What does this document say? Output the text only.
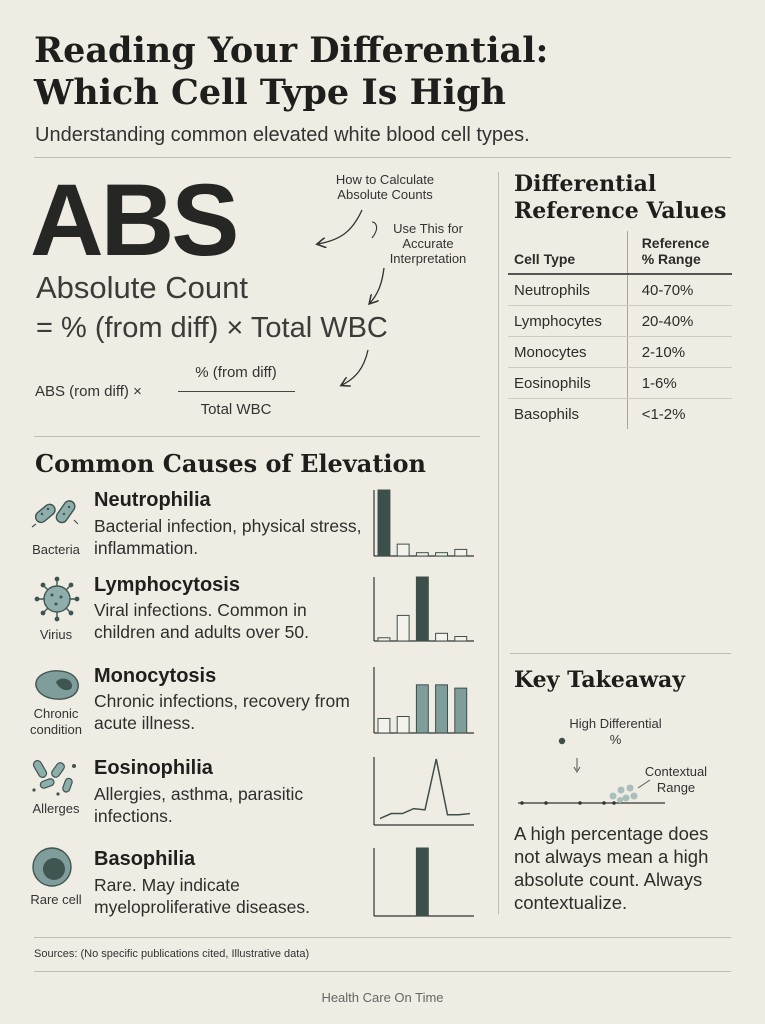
Reading Your Differential:
Which Cell Type Is High
Understanding common elevated white blood cell types.
ABS
Absolute Count
= % (from diff) × Total WBC
How to Calculate Absolute Counts
Use This for Accurate Interpretation
ABS (rom diff) ×
% (from diff)
Total WBC
Differential
Reference Values
Cell Type	Reference
% Range
Neutrophils	40-70%
Lymphocytes	20-40%
Monocytes	2-10%
Eosinophils	1-6%
Basophils	<1-2%
Common Causes of Elevation
Bacteria
Neutrophilia
Bacterial infection, physical stress, inflammation.
Virius
Lymphocytosis
Viral infections. Common in children and adults over 50.
Chronic condition
Monocytosis
Chronic infections, recovery from acute illness.
Allerges
Eosinophilia
Allergies, asthma, parasitic infections.
Rare cell
Basophilia
Rare. May indicate myeloproliferative diseases.
Key Takeaway
High Differential %
Contextual Range
A high percentage does not always mean a high absolute count. Always contextualize.
Sources: (No specific publications cited, Illustrative data)
Health Care On Time
